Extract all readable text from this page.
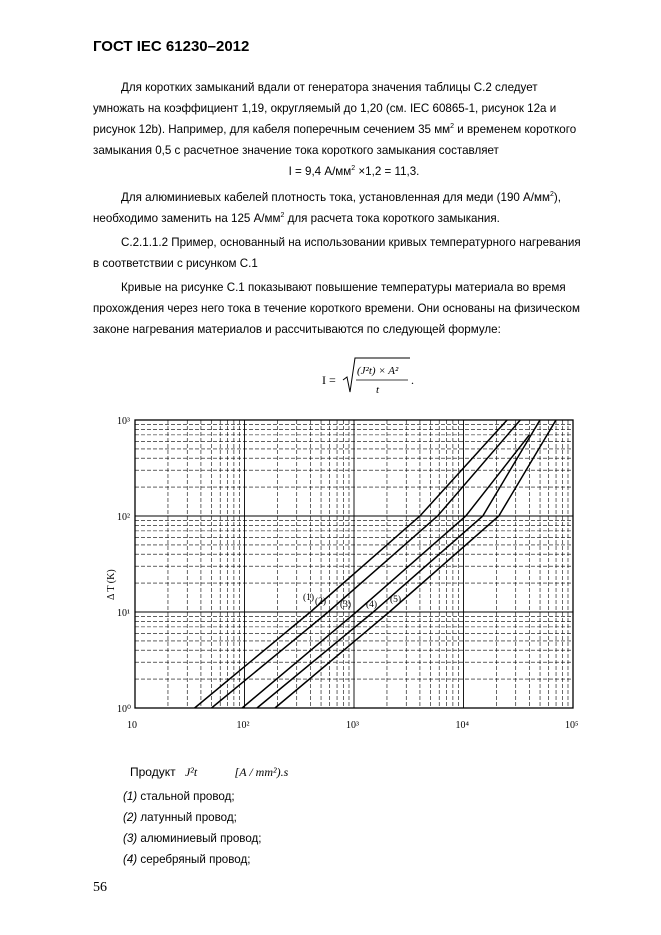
ГОСТ IEC 61230–2012
Для коротких замыканий вдали от генератора значения таблицы С.2 следует
умножать на коэффициент 1,19, округляемый до 1,20 (см. IEC 60865-1, рисунок 12а и
рисунок 12b). Например, для кабеля поперечным сечением 35 $мм^2$ и временем короткого
замыкания 0,5 с расчетное значение тока короткого замыкания составляет
I = 9,4 $А/мм^2 \times 1,2 = 11,3$.
Для алюминиевых кабелей плотность тока, установленная для меди (190 $А/мм^2$),
необходимо заменить на 125 $А/мм^2$ для расчета тока короткого замыкания.
С.2.1.1.2 Пример, основанный на использовании кривых температурного нагревания
в соответствии с рисунком С.1
Кривые на рисунке С.1 показывают повышение температуры материала во время
прохождения через него тока в течение короткого времени. Они основаны на физическом
законе нагревания материалов и рассчитываются по следующей формуле:
I =
(J²t) × A²
t
.
10	10²	10³	10⁴	10⁵
10⁰
10¹
10²
10³
Δ T (K)	(1) (2) (3) (4) (5)
Продукт J²t	[A / mm²).s
(1) стальной провод;
(2) латунный провод;
(3) алюминиевый провод;
(4) серебряный провод;
56
